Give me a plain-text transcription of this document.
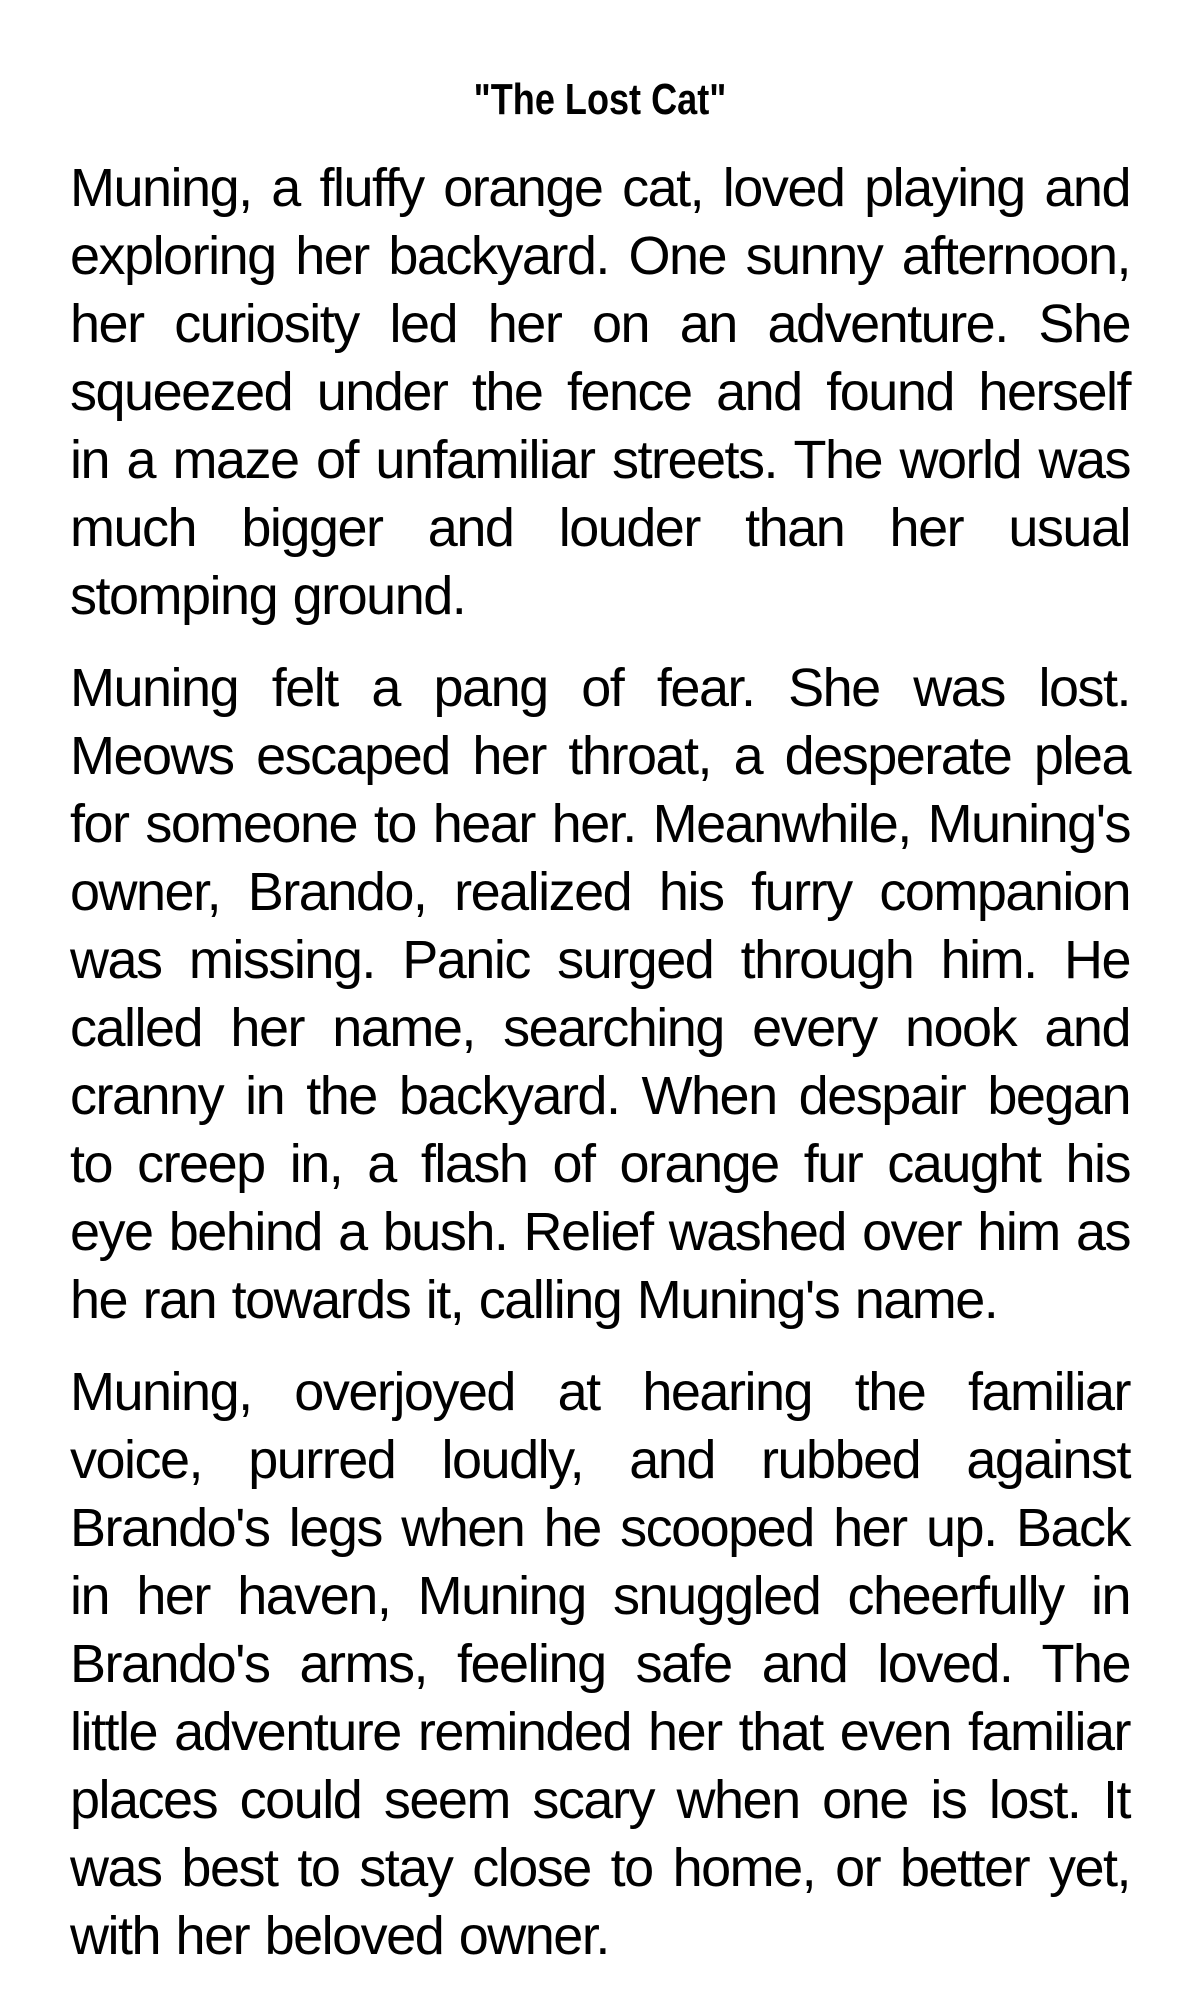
"The Lost Cat"

Muning, a fluffy orange cat, loved playing and exploring her backyard. One sunny afternoon, her curiosity led her on an adventure. She squeezed under the fence and found herself in a maze of unfamiliar streets. The world was much bigger and louder than her usual stomping ground.

Muning felt a pang of fear. She was lost. Meows escaped her throat, a desperate plea for someone to hear her. Meanwhile, Muning's owner, Brando, realized his furry companion was missing. Panic surged through him. He called her name, searching every nook and cranny in the backyard. When despair began to creep in, a flash of orange fur caught his eye behind a bush. Relief washed over him as he ran towards it, calling Muning's name.

Muning, overjoyed at hearing the familiar voice, purred loudly, and rubbed against Brando's legs when he scooped her up. Back in her haven, Muning snuggled cheerfully in Brando's arms, feeling safe and loved. The little adventure reminded her that even familiar places could seem scary when one is lost. It was best to stay close to home, or better yet, with her beloved owner.
